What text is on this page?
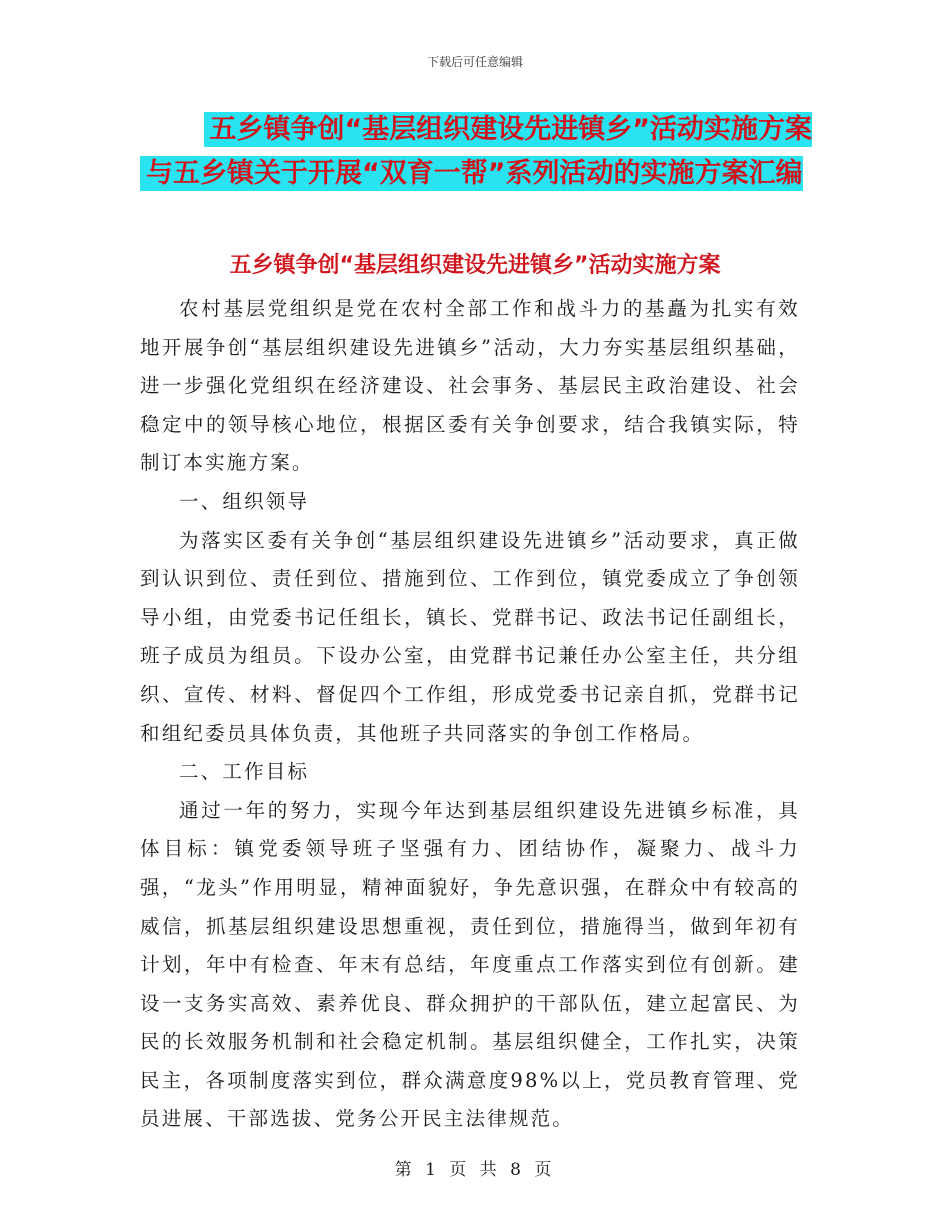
下载后可任意编辑
五乡镇争创“基层组织建设先进镇乡”活动实施方案
与五乡镇关于开展“双育一帮”系列活动的实施方案汇编
五乡镇争创“基层组织建设先进镇乡”活动实施方案

农村基层党组织是党在农村全部工作和战斗力的基矗为扎实有效地开展争创“基层组织建设先进镇乡”活动，大力夯实基层组织基础，进一步强化党组织在经济建设、社会事务、基层民主政治建设、社会稳定中的领导核心地位，根据区委有关争创要求，结合我镇实际，特制订本实施方案。

一、组织领导

为落实区委有关争创“基层组织建设先进镇乡”活动要求，真正做到认识到位、责任到位、措施到位、工作到位，镇党委成立了争创领导小组，由党委书记任组长，镇长、党群书记、政法书记任副组长，班子成员为组员。下设办公室，由党群书记兼任办公室主任，共分组织、宣传、材料、督促四个工作组，形成党委书记亲自抓，党群书记和组纪委员具体负责，其他班子共同落实的争创工作格局。

二、工作目标

通过一年的努力，实现今年达到基层组织建设先进镇乡标准，具体目标：镇党委领导班子坚强有力、团结协作，凝聚力、战斗力强，“龙头”作用明显，精神面貌好，争先意识强，在群众中有较高的威信，抓基层组织建设思想重视，责任到位，措施得当，做到年初有计划，年中有检查、年末有总结，年度重点工作落实到位有创新。建设一支务实高效、素养优良、群众拥护的干部队伍，建立起富民、为民的长效服务机制和社会稳定机制。基层组织健全，工作扎实，决策民主，各项制度落实到位，群众满意度98%以上，党员教育管理、党员进展、干部选拔、党务公开民主法律规范。

第 1 页 共 8 页
